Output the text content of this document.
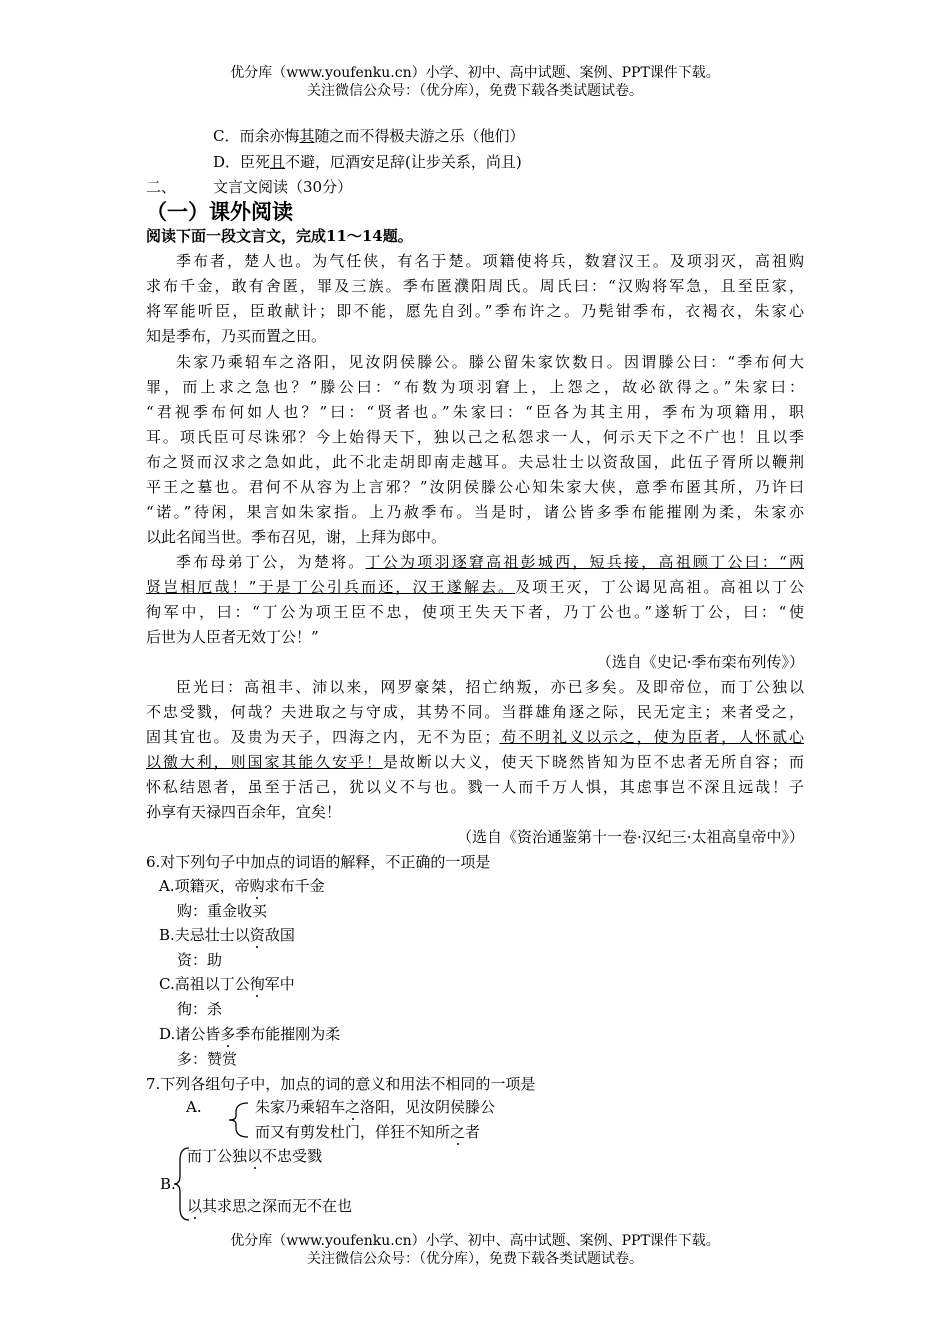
优分库（www.youfenku.cn）小学、初中、高中试题、案例、PPT课件下载。
关注微信公众号：（优分库），免费下载各类试题试卷。
C．而余亦悔其随之而不得极夫游之乐（他们）
D．臣死且不避，厄酒安足辞(让步关系，尚且)
二、 文言文阅读（30分）
（一）课外阅读
阅读下面一段文言文，完成11～14题。
季布者，楚人也。为气任侠，有名于楚。项籍使将兵，数窘汉王。及项羽灭，高祖购
求布千金，敢有舍匿，罪及三族。季布匿濮阳周氏。周氏曰：“汉购将军急，且至臣家，
将军能听臣，臣敢献计；即不能，愿先自刭。”季布许之。乃髡钳季布，衣褐衣，朱家心
知是季布，乃买而置之田。
朱家乃乘轺车之洛阳，见汝阴侯滕公。滕公留朱家饮数日。因谓滕公曰：“季布何大
罪，而上求之急也？”滕公曰：“布数为项羽窘上，上怨之，故必欲得之。”朱家曰：
“君视季布何如人也？”曰：“贤者也。”朱家曰：“臣各为其主用，季布为项籍用，职
耳。项氏臣可尽诛邪？今上始得天下，独以己之私怨求一人，何示天下之不广也！且以季
布之贤而汉求之急如此，此不北走胡即南走越耳。夫忌壮士以资敌国，此伍子胥所以鞭荆
平王之墓也。君何不从容为上言邪？”汝阴侯滕公心知朱家大侠，意季布匿其所，乃许曰
“诺。”待闲，果言如朱家指。上乃赦季布。当是时，诸公皆多季布能摧刚为柔，朱家亦
以此名闻当世。季布召见，谢，上拜为郎中。
季布母弟丁公，为楚将。丁公为项羽逐窘高祖彭城西，短兵接，高祖顾丁公曰：“两
贤岂相厄哉！”于是丁公引兵而还，汉王遂解去。及项王灭，丁公谒见高祖。高祖以丁公
徇军中，曰：“丁公为项王臣不忠，使项王失天下者，乃丁公也。”遂斩丁公，曰：“使
后世为人臣者无效丁公！”
（选自《史记·季布栾布列传》）
臣光曰：高祖丰、沛以来，网罗豪桀，招亡纳叛，亦已多矣。及即帝位，而丁公独以
不忠受戮，何哉？夫进取之与守成，其势不同。当群雄角逐之际，民无定主；来者受之，
固其宜也。及贵为天子，四海之内，无不为臣；苟不明礼义以示之，使为臣者，人怀贰心
以徼大利，则国家其能久安乎！是故断以大义，使天下晓然皆知为臣不忠者无所自容；而
怀私结恩者，虽至于活己，犹以义不与也。戮一人而千万人惧，其虑事岂不深且远哉！子
孙享有天禄四百余年，宜矣！
（选自《资治通鉴第十一卷·汉纪三·太祖高皇帝中》）
6.对下列句子中加点的词语的解释，不正确的一项是
A.项籍灭，帝购求布千金
购：重金收买
B.夫忌壮士以资敌国
资：助
C.高祖以丁公徇军中
徇：杀
D.诸公皆多季布能摧刚为柔
多：赞赏
7.下列各组句子中，加点的词的意义和用法不相同的一项是
A.	朱家乃乘轺车之洛阳，见汝阴侯滕公
而又有剪发杜门，佯狂不知所之者
B.
而丁公独以不忠受戮
以其求思之深而无不在也
优分库（www.youfenku.cn）小学、初中、高中试题、案例、PPT课件下载。
关注微信公众号：（优分库），免费下载各类试题试卷。
